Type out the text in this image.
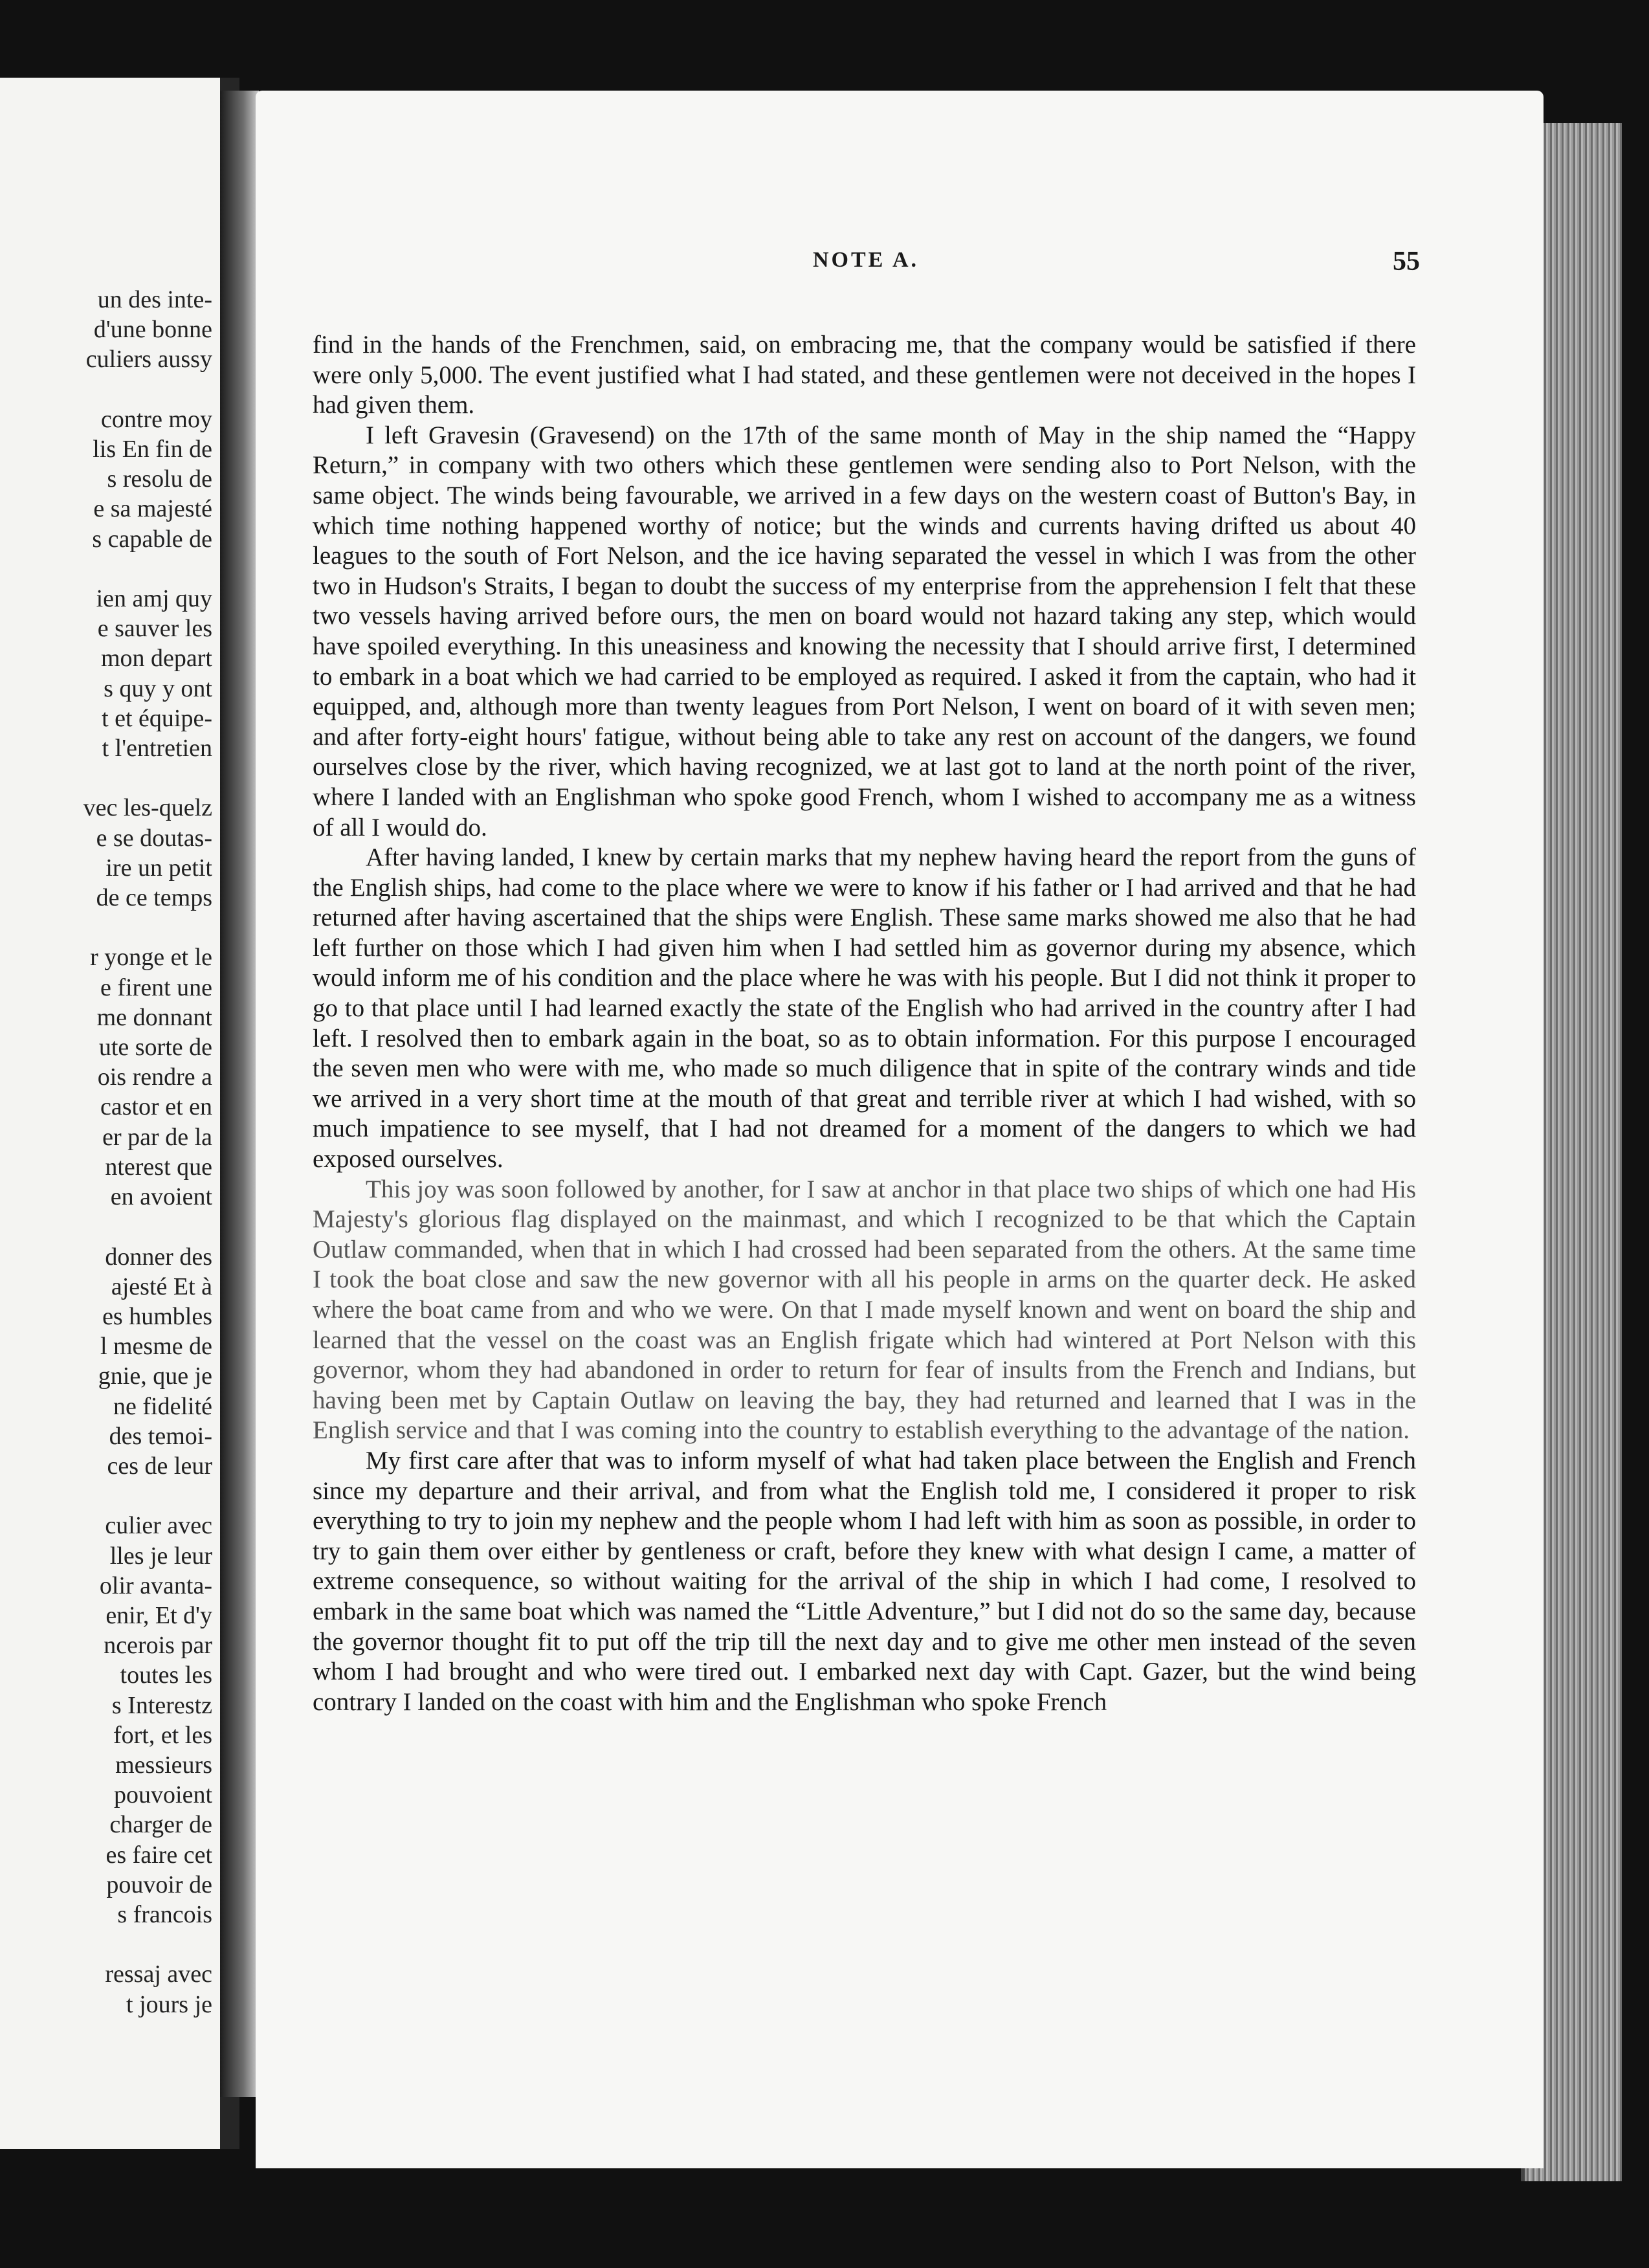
un des inte-
d'une bonne
culiers aussy

contre moy
lis En fin de
s resolu de
e sa majesté
s capable de

ien amj quy
e sauver les
mon depart
s quy y ont
t et équipe-
t l'entretien

vec les-quelz
e se doutas-
ire un petit
de ce temps

r yonge et le
e firent une
me donnant
ute sorte de
ois rendre a
castor et en
er par de la
nterest que
en avoient

donner des
ajesté Et à
es humbles
l mesme de
gnie, que je
ne fidelité
des temoi-
ces de leur

culier avec
lles je leur
olir avanta-
enir, Et d'y
ncerois par
toutes les
s Interestz
fort, et les
messieurs
pouvoient
charger de
es faire cet
pouvoir de
s francois

ressaj avec
t jours je
NOTE A.	55

find in the hands of the Frenchmen, said, on embracing me, that the company would be satisfied if there were only 5,000. The event justified what I had stated, and these gentlemen were not deceived in the hopes I had given them.

I left Gravesin (Gravesend) on the 17th of the same month of May in the ship named the “Happy Return,” in company with two others which these gentlemen were sending also to Port Nelson, with the same object. The winds being favourable, we arrived in a few days on the western coast of Button's Bay, in which time nothing happened worthy of notice; but the winds and currents having drifted us about 40 leagues to the south of Fort Nelson, and the ice having separated the vessel in which I was from the other two in Hudson's Straits, I began to doubt the success of my enterprise from the apprehension I felt that these two vessels having arrived before ours, the men on board would not hazard taking any step, which would have spoiled everything. In this uneasiness and knowing the necessity that I should arrive first, I determined to embark in a boat which we had carried to be employed as required. I asked it from the captain, who had it equipped, and, although more than twenty leagues from Port Nelson, I went on board of it with seven men; and after forty-eight hours' fatigue, without being able to take any rest on account of the dangers, we found ourselves close by the river, which having recognized, we at last got to land at the north point of the river, where I landed with an Englishman who spoke good French, whom I wished to accompany me as a witness of all I would do.

After having landed, I knew by certain marks that my nephew having heard the report from the guns of the English ships, had come to the place where we were to know if his father or I had arrived and that he had returned after having ascertained that the ships were English. These same marks showed me also that he had left further on those which I had given him when I had settled him as governor during my absence, which would inform me of his condition and the place where he was with his people. But I did not think it proper to go to that place until I had learned exactly the state of the English who had arrived in the country after I had left. I resolved then to embark again in the boat, so as to obtain information. For this purpose I encouraged the seven men who were with me, who made so much diligence that in spite of the contrary winds and tide we arrived in a very short time at the mouth of that great and terrible river at which I had wished, with so much impatience to see myself, that I had not dreamed for a moment of the dangers to which we had exposed ourselves.

This joy was soon followed by another, for I saw at anchor in that place two ships of which one had His Majesty's glorious flag displayed on the mainmast, and which I recognized to be that which the Captain Outlaw commanded, when that in which I had crossed had been separated from the others. At the same time I took the boat close and saw the new governor with all his people in arms on the quarter deck. He asked where the boat came from and who we were. On that I made myself known and went on board the ship and learned that the vessel on the coast was an English frigate which had wintered at Port Nelson with this governor, whom they had abandoned in order to return for fear of insults from the French and Indians, but having been met by Captain Outlaw on leaving the bay, they had returned and learned that I was in the English service and that I was coming into the country to establish everything to the advantage of the nation.

My first care after that was to inform myself of what had taken place between the English and French since my departure and their arrival, and from what the English told me, I considered it proper to risk everything to try to join my nephew and the people whom I had left with him as soon as possible, in order to try to gain them over either by gentleness or craft, before they knew with what design I came, a matter of extreme consequence, so without waiting for the arrival of the ship in which I had come, I resolved to embark in the same boat which was named the “Little Adventure,” but I did not do so the same day, because the governor thought fit to put off the trip till the next day and to give me other men instead of the seven whom I had brought and who were tired out. I embarked next day with Capt. Gazer, but the wind being contrary I landed on the coast with him and the Englishman who spoke French
